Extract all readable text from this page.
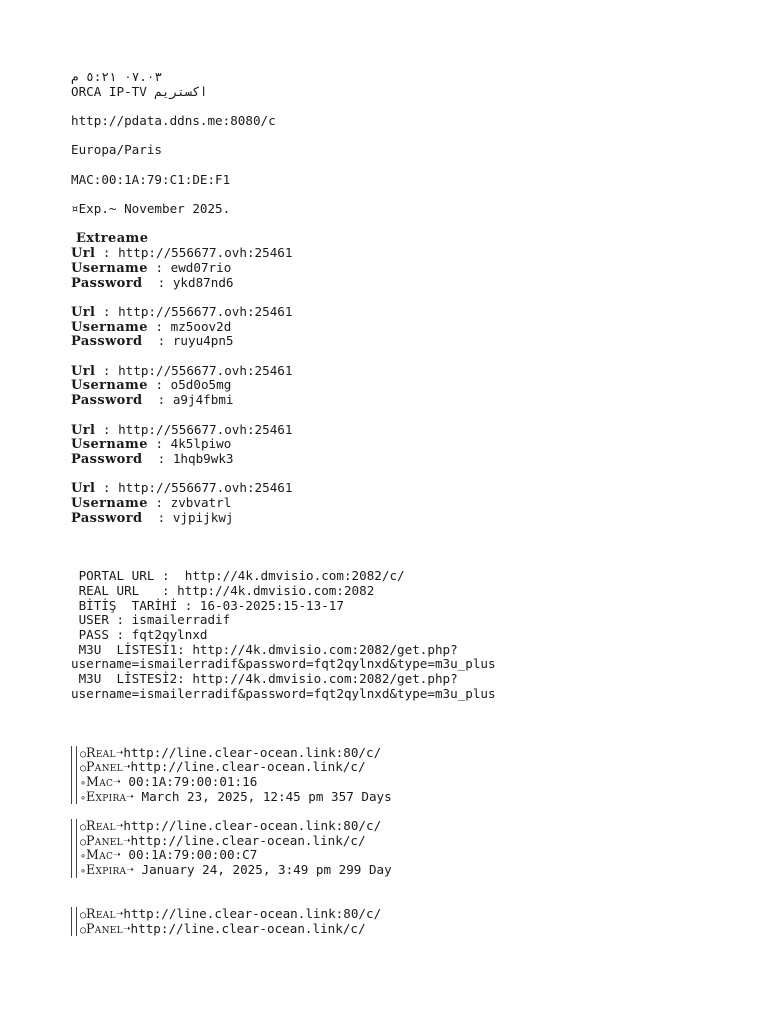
٠٧.٠٣ ٥:٢١ م
اكستريم ORCA IP-TV
http://pdata.ddns.me:8080/c
Europa/Paris
MAC:00:1A:79:C1:DE:F1
¤Exp.~ November 2025.
Extreame
Url : http://556677.ovh:25461
Username : ewd07rio
Password  : ykd87nd6
Url : http://556677.ovh:25461
Username : mz5oov2d
Password  : ruyu4pn5
Url : http://556677.ovh:25461
Username : o5d0o5mg
Password  : a9j4fbmi
Url : http://556677.ovh:25461
Username : 4k5lpiwo
Password  : 1hqb9wk3
Url : http://556677.ovh:25461
Username : zvbvatrl
Password  : vjpijkwj
PORTAL URL :  http://4k.dmvisio.com:2082/c/
REAL URL   : http://4k.dmvisio.com:2082
BİTİŞ  TARİHİ : 16-03-2025:15-13-17
USER : ismailerradif
PASS : fqt2qylnxd
M3U  LİSTESİ1: http://4k.dmvisio.com:2082/get.php?
username=ismailerradif&password=fqt2qylnxd&type=m3u_plus
M3U  LİSTESİ2: http://4k.dmvisio.com:2082/get.php?
username=ismailerradif&password=fqt2qylnxd&type=m3u_plus
○Real➝http://line.clear-ocean.link:80/c/
○Panel➝http://line.clear-ocean.link/c/
∘Mac➝ 00:1A:79:00:01:16
∘Expira➝ March 23, 2025, 12:45 pm 357 Days
○Real➝http://line.clear-ocean.link:80/c/
○Panel➝http://line.clear-ocean.link/c/
∘Mac➝ 00:1A:79:00:00:C7
∘Expira➝ January 24, 2025, 3:49 pm 299 Day
○Real➝http://line.clear-ocean.link:80/c/
○Panel➝http://line.clear-ocean.link/c/
